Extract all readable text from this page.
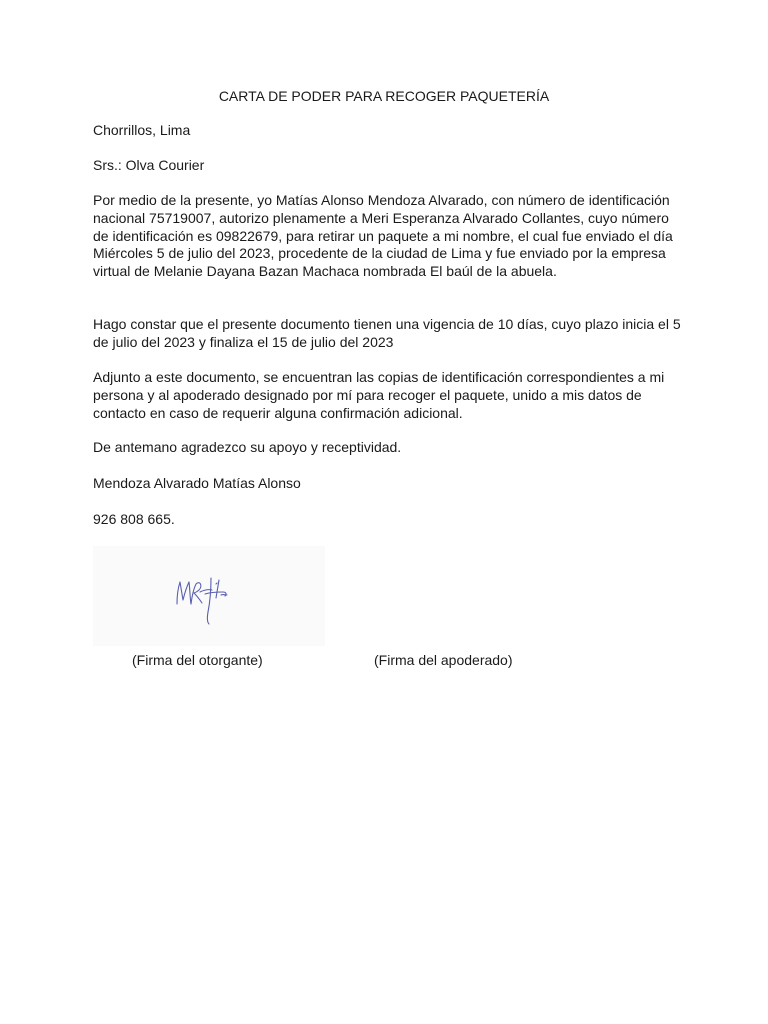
CARTA DE PODER PARA RECOGER PAQUETERÍA

Chorrillos, Lima

Srs.: Olva Courier

Por medio de la presente, yo Matías Alonso Mendoza Alvarado, con número de identificación nacional 75719007, autorizo plenamente a Meri Esperanza Alvarado Collantes, cuyo número de identificación es 09822679, para retirar un paquete a mi nombre, el cual fue enviado el día Miércoles 5 de julio del 2023, procedente de la ciudad de Lima y fue enviado por la empresa virtual de Melanie Dayana Bazan Machaca nombrada El baúl de la abuela.

Hago constar que el presente documento tienen una vigencia de 10 días, cuyo plazo inicia el 5 de julio del 2023 y finaliza el 15 de julio del 2023

Adjunto a este documento, se encuentran las copias de identificación correspondientes a mi persona y al apoderado designado por mí para recoger el paquete, unido a mis datos de contacto en caso de requerir alguna confirmación adicional.

De antemano agradezco su apoyo y receptividad.

Mendoza Alvarado Matías Alonso

926 808 665.

(Firma del otorgante)	(Firma del apoderado)
